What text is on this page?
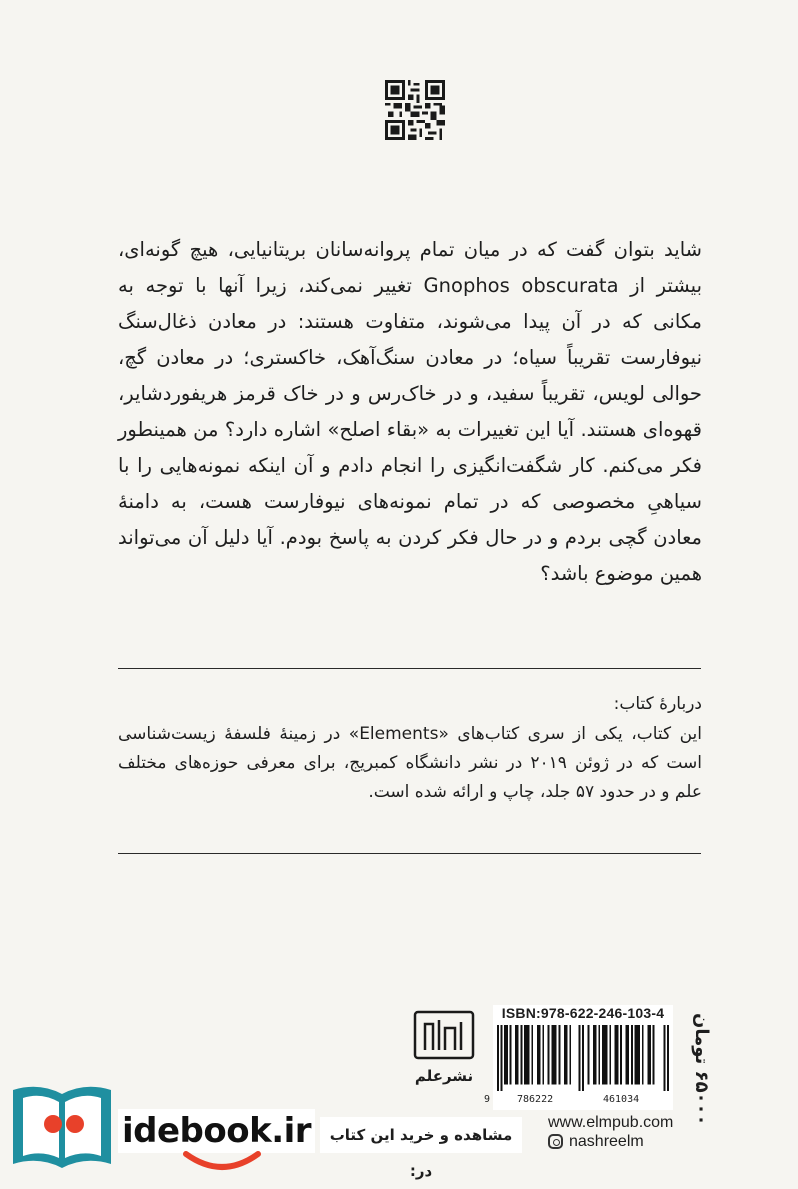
شاید بتوان گفت که در میان تمام پروانه‌سانان بریتانیایی، هیچ گونه‌ای، بیشتر از Gnophos obscurata تغییر نمی‌کند، زیرا آنها با توجه به مکانی که در آن پیدا می‌شوند، متفاوت هستند: در معادن ذغال‌سنگ نیوفارست تقریباً سیاه؛ در معادن سنگ‌آهک، خاکستری؛ در معادن گچ، حوالی لویس، تقریباً سفید، و در خاک‌رس و در خاک قرمز هریفوردشایر، قهوه‌ای هستند. آیا این تغییرات به «بقاء اصلح» اشاره دارد؟ من همینطور فکر می‌کنم. کار شگفت‌انگیزی را انجام دادم و آن اینکه نمونه‌هایی را با سیاهیِ مخصوصی که در تمام نمونه‌های نیوفارست هست، به دامنهٔ معادن گچی بردم و در حال فکر کردن به پاسخ بودم. آیا دلیل آن می‌تواند همین موضوع باشد؟

دربارهٔ کتاب:

این کتاب، یکی از سری کتاب‌های «Elements» در زمینهٔ فلسفهٔ زیست‌شناسی است که در ژوئن ۲۰۱۹ در نشر دانشگاه کمبریج، برای معرفی حوزه‌های مختلف علم و در حدود ۵۷ جلد، چاپ و ارائه شده است.

۶۵۰۰۰ تومان
ISBN:978-622-246-103-4
9	786222	461034
نشرعلم
www.elmpub.com
nashreelm
idebook.ir	مشاهده و خرید این کتاب در:
